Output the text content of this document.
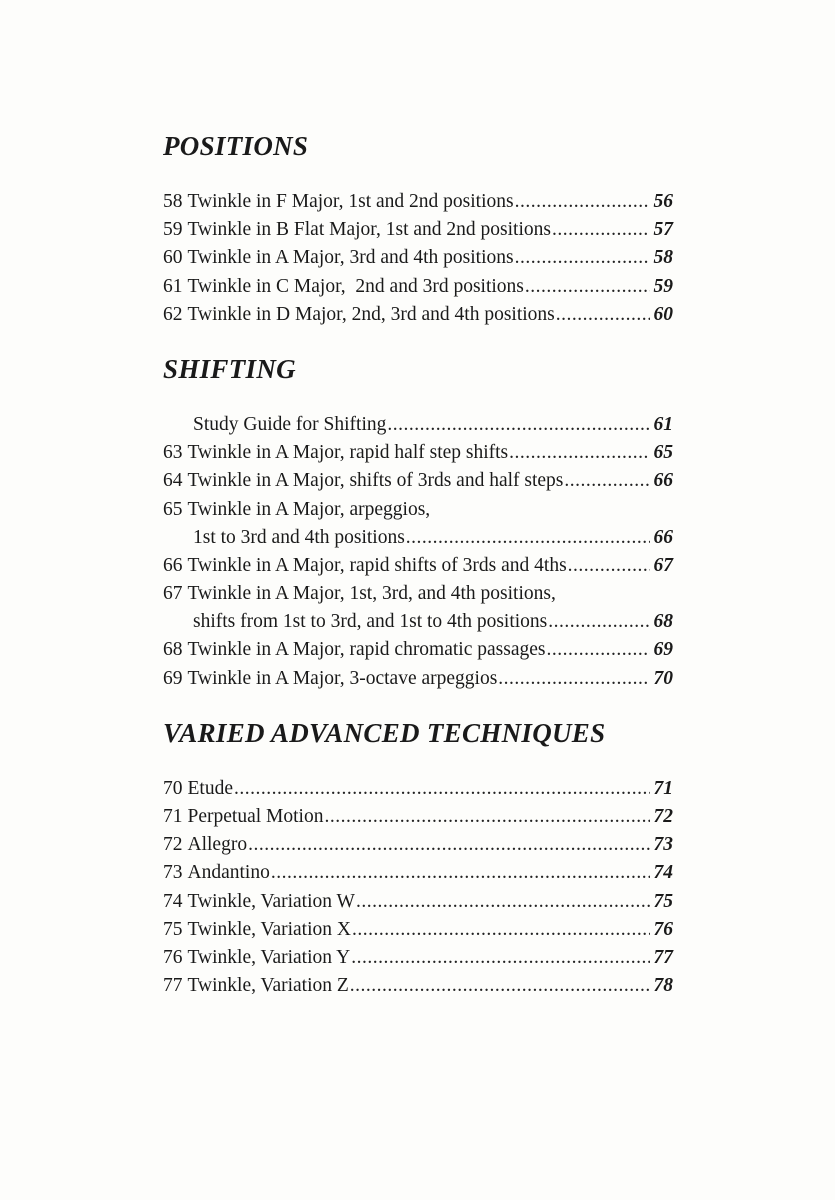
POSITIONS
58 Twinkle in F Major, 1st and 2nd positions .....	56
59 Twinkle in B Flat Major, 1st and 2nd positions .....	57
60 Twinkle in A Major, 3rd and 4th positions .....	58
61 Twinkle in C Major,  2nd and 3rd positions .....	59
62 Twinkle in D Major, 2nd, 3rd and 4th positions .....	60
SHIFTING
Study Guide for Shifting .....	61
63 Twinkle in A Major, rapid half step shifts .....	65
64 Twinkle in A Major, shifts of 3rds and half steps .....	66
65 Twinkle in A Major, arpeggios,
1st to 3rd and 4th positions .....	66
66 Twinkle in A Major, rapid shifts of 3rds and 4ths .....	67
67 Twinkle in A Major, 1st, 3rd, and 4th positions,
shifts from 1st to 3rd, and 1st to 4th positions .....	68
68 Twinkle in A Major, rapid chromatic passages .....	69
69 Twinkle in A Major, 3-octave arpeggios .....	70
VARIED ADVANCED TECHNIQUES
70 Etude .....	71
71 Perpetual Motion .....	72
72 Allegro .....	73
73 Andantino .....	74
74 Twinkle, Variation W .....	75
75 Twinkle, Variation X .....	76
76 Twinkle, Variation Y .....	77
77 Twinkle, Variation Z .....	78
